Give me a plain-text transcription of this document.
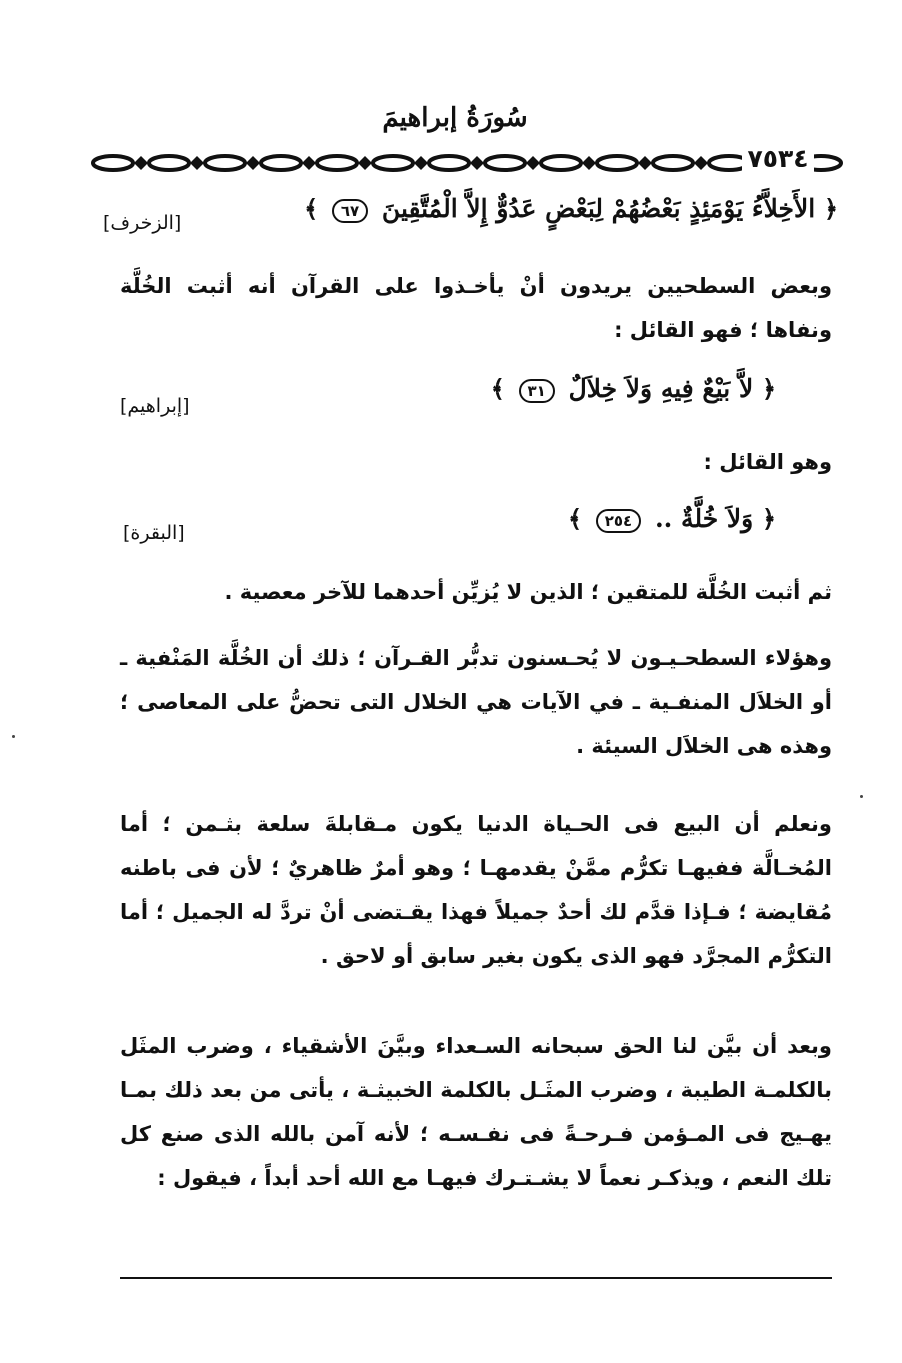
سُورَةُ إبراهيمَ
٧٥٣٤
﴿ الأَخِلاَّءُ يَوْمَئِذٍ بَعْضُهُمْ لِبَعْضٍ عَدُوٌّ إِلاَّ الْمُتَّقِينَ ٦٧ ﴾
[الزخرف]
وبعض السطحيين يريدون أنْ يأخـذوا على القرآن أنه أثبت الخُلَّة ونفاها ؛ فهو القائل :
﴿ لاَّ بَيْعٌ فِيهِ وَلاَ خِلاَلٌ ٣١ ﴾
[إبراهيم]
وهو القائل :
﴿ وَلاَ خُلَّةٌ .. ٢٥٤ ﴾
[البقرة]
ثم أثبت الخُلَّة للمتقين ؛ الذين لا يُزيِّن أحدهما للآخر معصية .
وهؤلاء السطحـيـون لا يُحـسنون تدبُّر القـرآن ؛ ذلك أن الخُلَّة المَنْفية ـ أو الخلاَل المنفـية ـ في الآيات هي الخلال التى تحضُّ على المعاصى ؛ وهذه هى الخلاَل السيئة .
ونعلم أن البيع فى الحـياة الدنيا يكون مـقابلةَ سلعة بثـمن ؛ أما المُخـالَّة ففيهـا تكرُّم ممَّنْ يقدمهـا ؛ وهو أمرٌ ظاهريٌ ؛ لأن فى باطنه مُقايضة ؛ فـإذا قدَّم لك أحدٌ جميلاً فهذا يقـتضى أنْ تردَّ له الجميل ؛ أما التكرُّم المجرَّد فهو الذى يكون بغير سابق أو لاحق .
وبعد أن بيَّن لنا الحق سبحانه السـعداء وبيَّنَ الأشقياء ، وضرب المثَل بالكلمـة الطيبة ، وضرب المثَـل بالكلمة الخبيثـة ، يأتى من بعد ذلك بمـا يهـيج فى المـؤمن فـرحـةً فى نفـسـه ؛ لأنه آمن بالله الذى صنع كل تلك النعم ، ويذكـر نعماً لا يشـتـرك فيهـا مع الله أحد أبداً ، فيقول :
